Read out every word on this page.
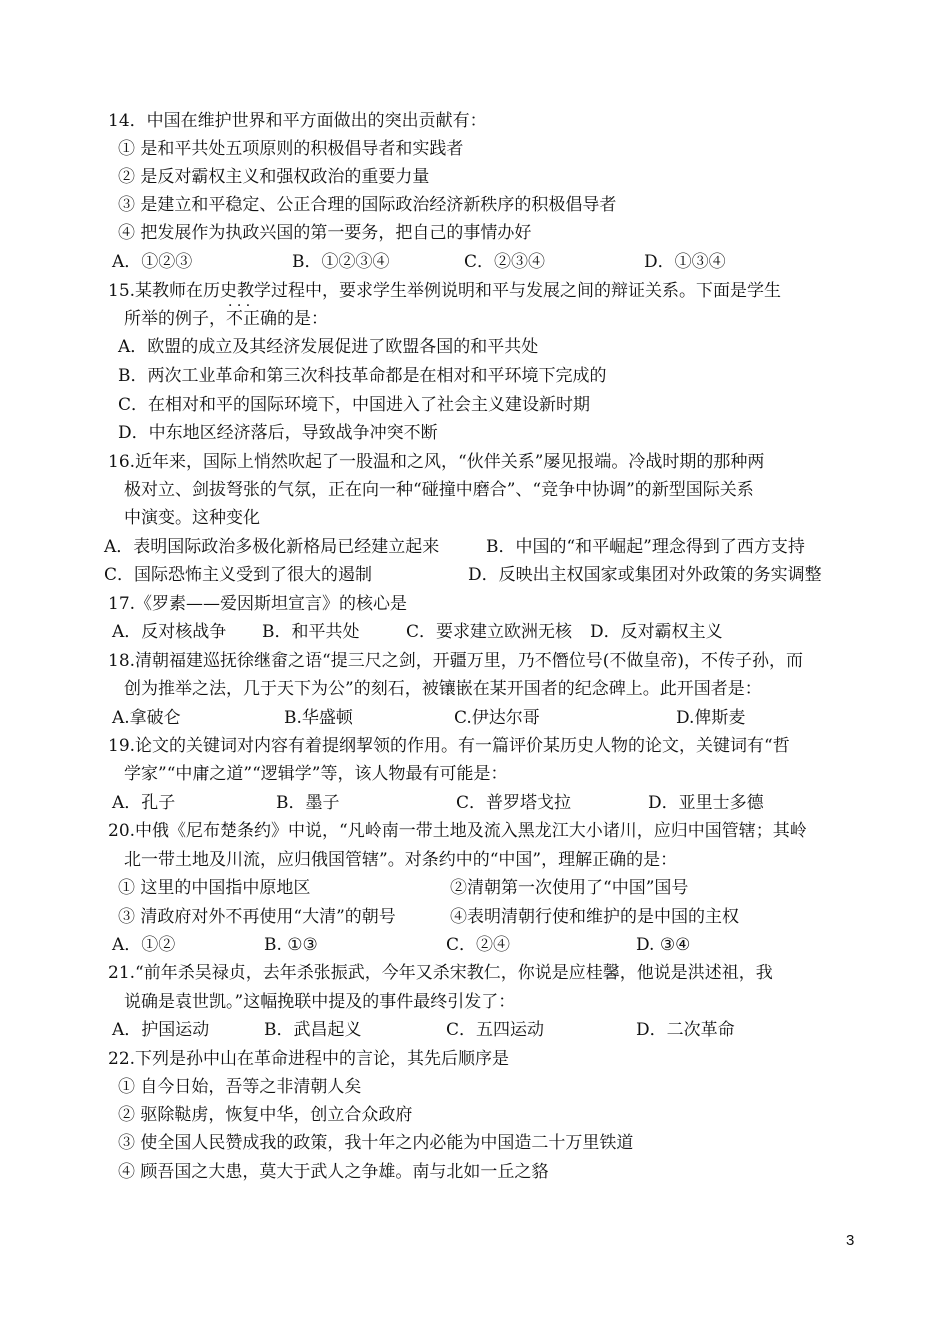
14．中国在维护世界和平方面做出的突出贡献有：
① 是和平共处五项原则的积极倡导者和实践者
② 是反对霸权主义和强权政治的重要力量
③ 是建立和平稳定、公正合理的国际政治经济新秩序的积极倡导者
④ 把发展作为执政兴国的第一要务，把自己的事情办好
A．①②③	B．①②③④	C．②③④	D．①③④
15.某教师在历史教学过程中，要求学生举例说明和平与发展之间的辩证关系。下面是学生
所举的例子，不正确 · · ·的是：
A．欧盟的成立及其经济发展促进了欧盟各国的和平共处
B．两次工业革命和第三次科技革命都是在相对和平环境下完成的
C．在相对和平的国际环境下，中国进入了社会主义建设新时期
D．中东地区经济落后，导致战争冲突不断
16.近年来，国际上悄然吹起了一股温和之风，“伙伴关系”屡见报端。冷战时期的那种两
极对立、剑拔弩张的气氛，正在向一种“碰撞中磨合”、“竞争中协调”的新型国际关系
中演变。这种变化
A．表明国际政治多极化新格局已经建立起来	B．中国的“和平崛起”理念得到了西方支持
C．国际恐怖主义受到了很大的遏制	D．反映出主权国家或集团对外政策的务实调整
17.《罗素——爱因斯坦宣言》的核心是
A．反对核战争 B．和平共处	C．要求建立欧洲无核 D．反对霸权主义
18.清朝福建巡抚徐继畲之语“提三尺之剑，开疆万里，乃不僭位号(不做皇帝)，不传子孙，而
创为推举之法，几于天下为公”的刻石，被镶嵌在某开国者的纪念碑上。此开国者是：
A.拿破仑	B.华盛顿	C.伊达尔哥	D.俾斯麦
19.论文的关键词对内容有着提纲挈领的作用。有一篇评价某历史人物的论文，关键词有“哲
学家”“中庸之道”“逻辑学”等，该人物最有可能是：
A．孔子	B．墨子	C．普罗塔戈拉	D．亚里士多德
20.中俄《尼布楚条约》中说，“凡岭南一带土地及流入黑龙江大小诸川，应归中国管辖；其岭
北一带土地及川流，应归俄国管辖”。对条约中的“中国”，理解正确的是：
① 这里的中国指中原地区	②清朝第一次使用了“中国”国号
③ 清政府对外不再使用“大清”的朝号	④表明清朝行使和维护的是中国的主权
A．①②	B. ①③	C．②④	D. ③④
21.“前年杀吴禄贞，去年杀张振武，今年又杀宋教仁，你说是应桂馨，他说是洪述祖，我
说确是袁世凯。”这幅挽联中提及的事件最终引发了：
A．护国运动	B．武昌起义	C．五四运动	D．二次革命
22.下列是孙中山在革命进程中的言论，其先后顺序是
① 自今日始，吾等之非清朝人矣
② 驱除鞑虏，恢复中华，创立合众政府
③ 使全国人民赞成我的政策，我十年之内必能为中国造二十万里铁道
④ 顾吾国之大患，莫大于武人之争雄。南与北如一丘之貉
3
